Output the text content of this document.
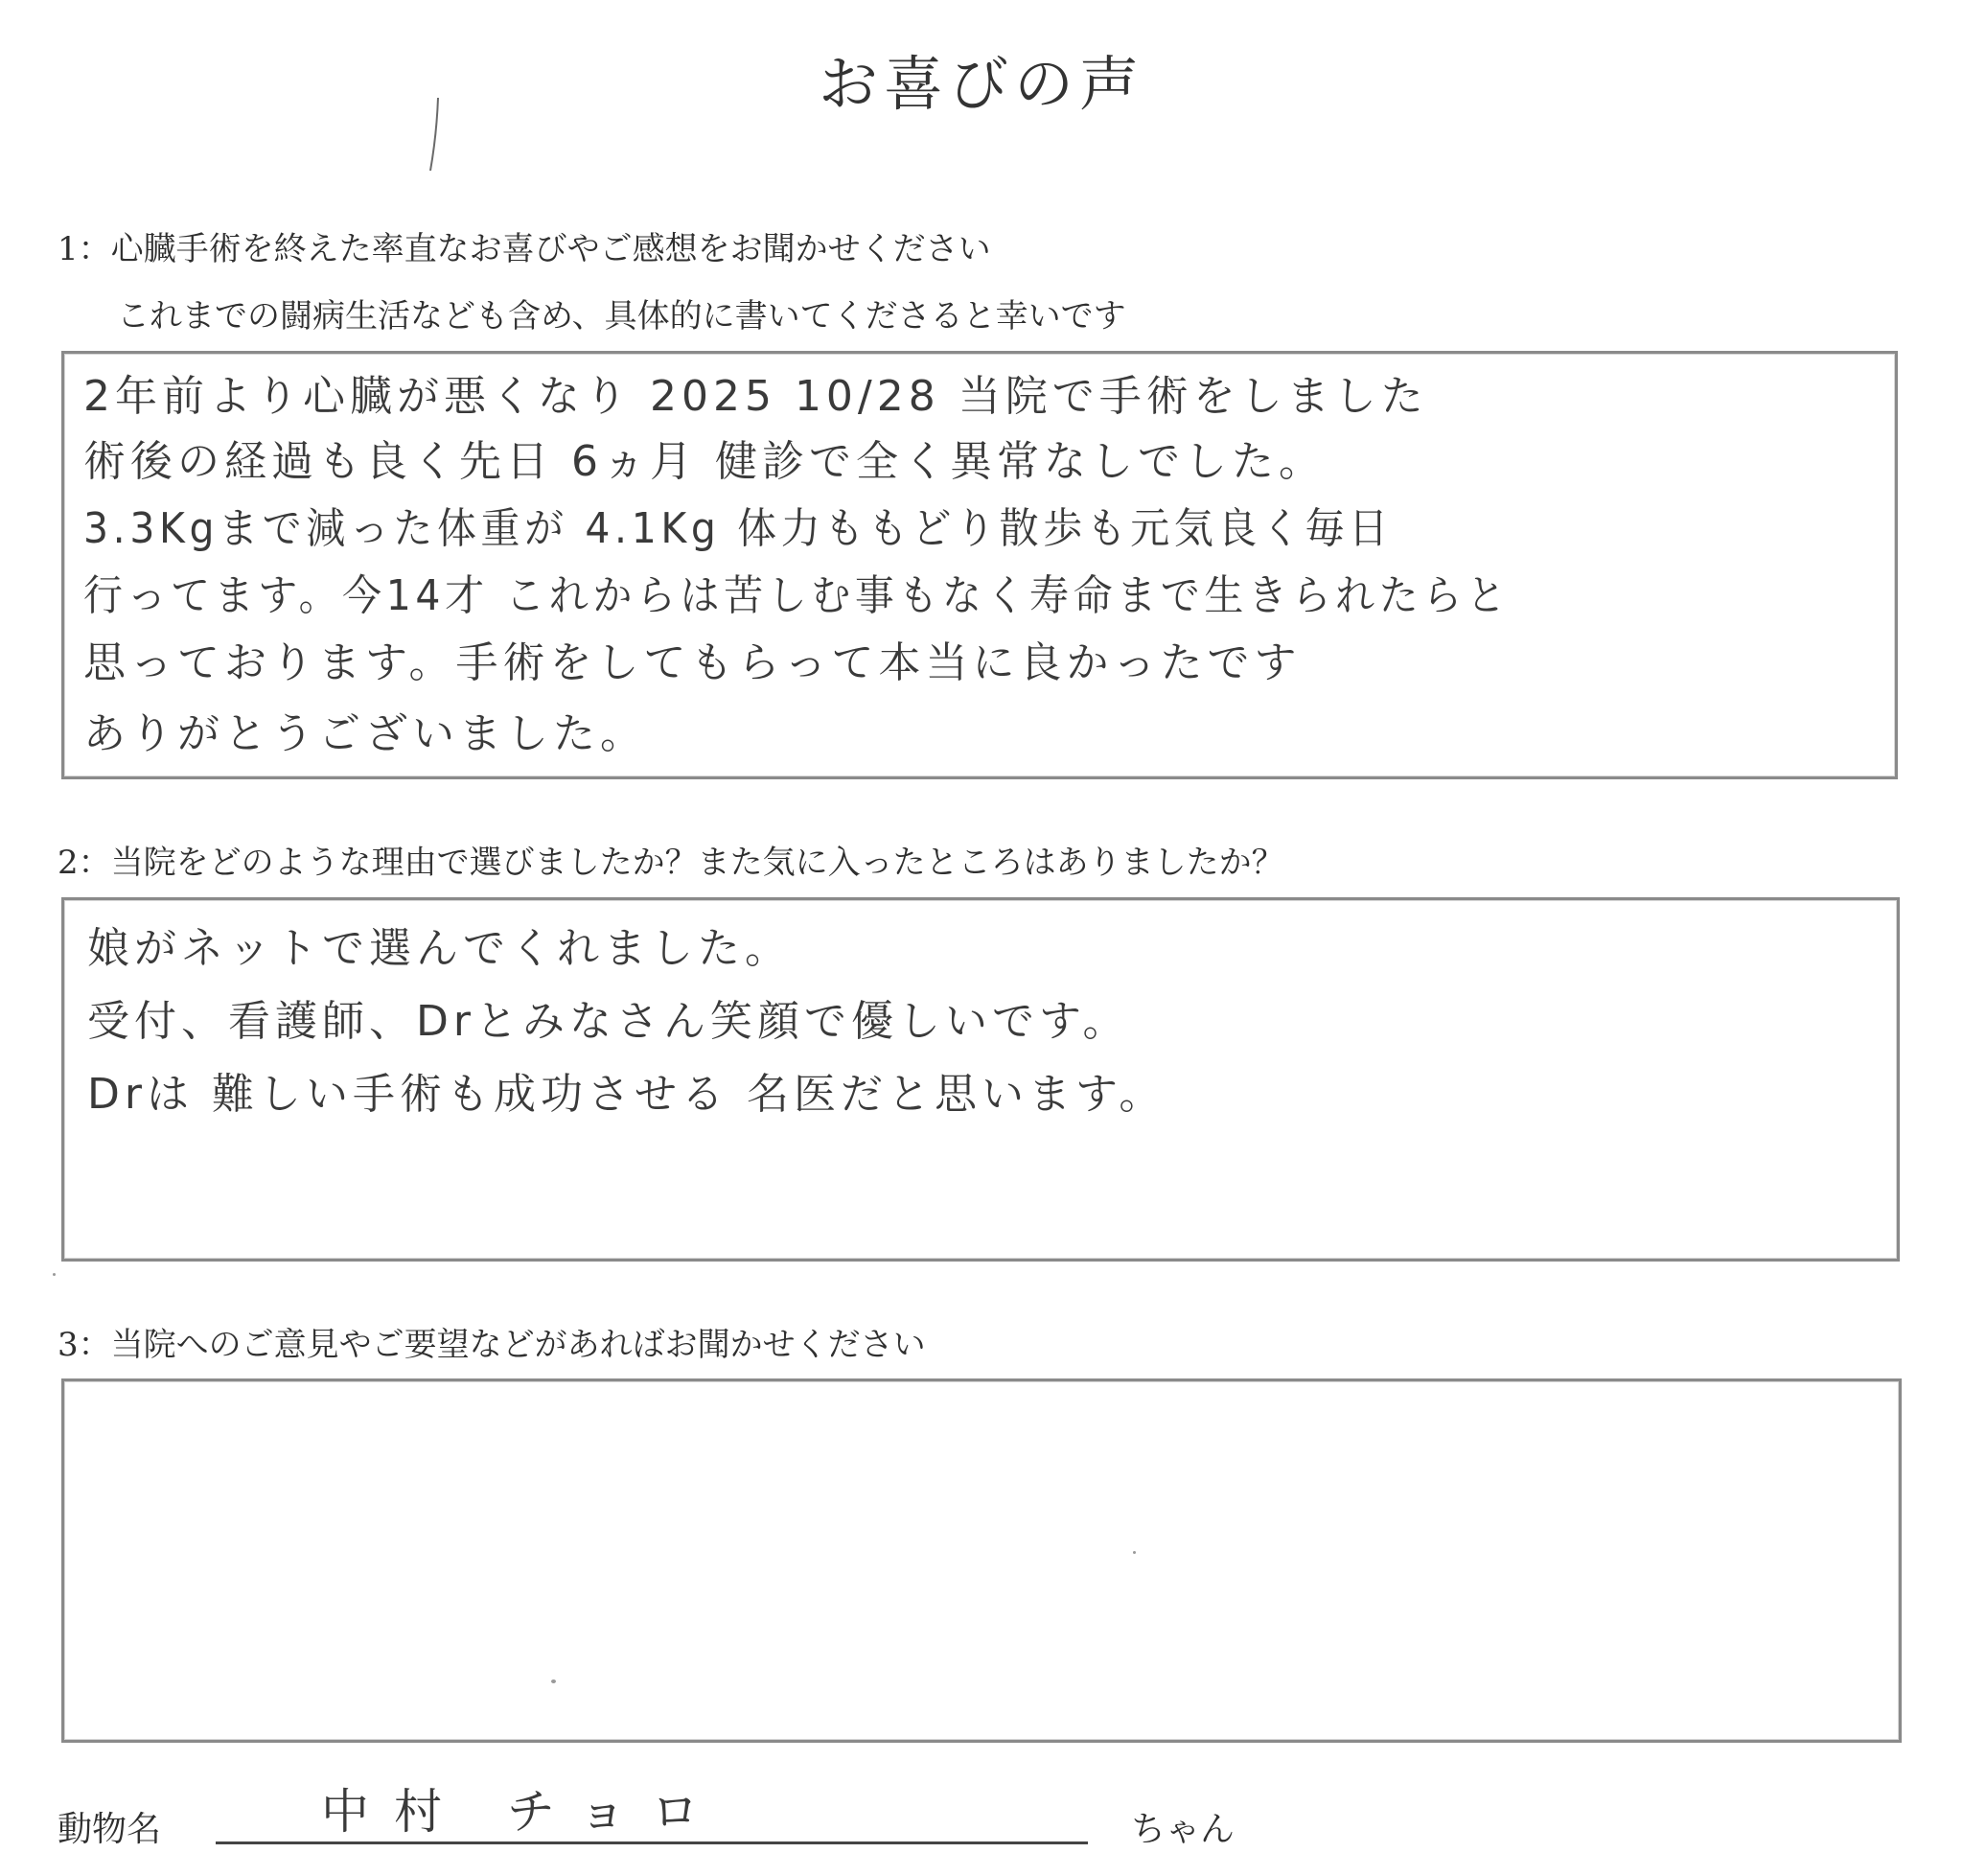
お喜びの声
1：心臓手術を終えた率直なお喜びやご感想をお聞かせください
これまでの闘病生活なども含め、具体的に書いてくださると幸いです
2年前より心臓が悪くなり 2025 10/28 当院で手術をしました
術後の経過も良く先日 6ヵ月 健診で全く異常なしでした。
3.3Kgまで減った体重が 4.1Kg 体力ももどり散歩も元気良く毎日
行ってます。今14才 これからは苦しむ事もなく寿命まで生きられたらと
思っております。手術をしてもらって本当に良かったです
ありがとうございました。
2：当院をどのような理由で選びましたか？また気に入ったところはありましたか？
娘がネットで選んでくれました。
受付、看護師、Drとみなさん笑顔で優しいです。
Drは 難しい手術も成功させる 名医だと思います。
3：当院へのご意見やご要望などがあればお聞かせください
動物名	中村 チョロ	ちゃん
